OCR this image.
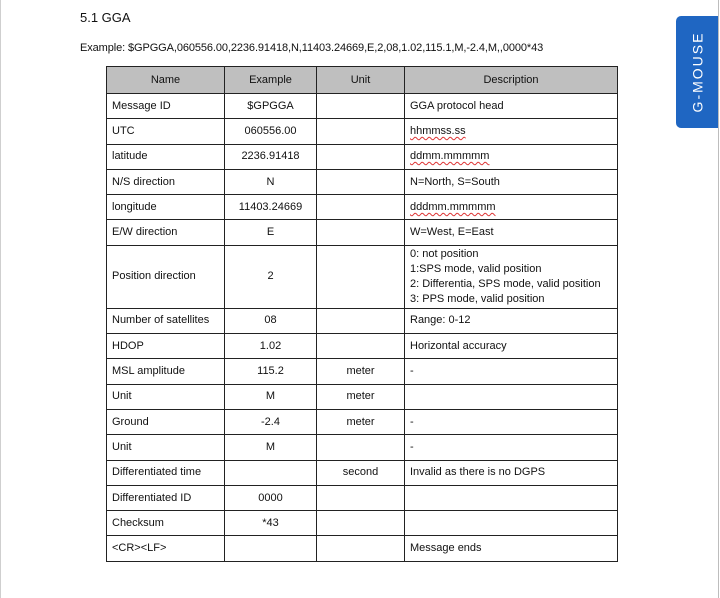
5.1 GGA
Example: $GPGGA,060556.00,2236.91418,N,11403.24669,E,2,08,1.02,115.1,M,-2.4,M,,0000*43	G-MOUSE
Name	Example	Unit	Description
Message ID	$GPGGA		GGA protocol head
UTC	060556.00		hhmmss.ss
latitude	2236.91418		ddmm.mmmmm
N/S direction	N		N=North, S=South
longitude	11403.24669		dddmm.mmmmm
E/W direction	E		W=West, E=East
Position direction	2		0: not position
1:SPS mode, valid position
2: Differentia, SPS mode, valid position
3: PPS mode, valid position

Number of satellites	08		Range: 0-12
HDOP	1.02		Horizontal accuracy
MSL amplitude	115.2	meter	-
Unit	M	meter	
Ground	-2.4	meter	-
Unit	M		-
Differentiated time		second	Invalid as there is no DGPS
Differentiated ID	0000		
Checksum	*43		
<CR><LF>			Message ends
